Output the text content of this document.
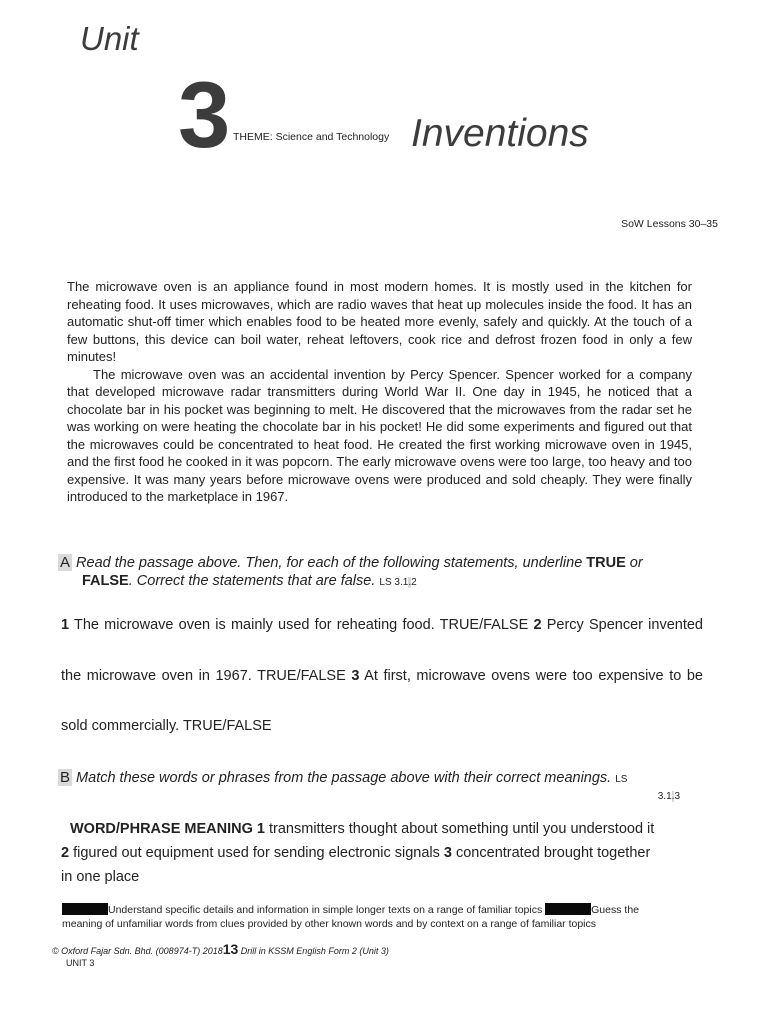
Unit
3 THEME: Science and Technology Inventions
SoW Lessons 30–35

The microwave oven is an appliance found in most modern homes. It is mostly used in the kitchen for reheating food. It uses microwaves, which are radio waves that heat up molecules inside the food. It has an automatic shut-off timer which enables food to be heated more evenly, safely and quickly. At the touch of a few buttons, this device can boil water, reheat leftovers, cook rice and defrost frozen food in only a few minutes!

The microwave oven was an accidental invention by Percy Spencer. Spencer worked for a company that developed microwave radar transmitters during World War II. One day in 1945, he noticed that a chocolate bar in his pocket was beginning to melt. He discovered that the microwaves from the radar set he was working on were heating the chocolate bar in his pocket! He did some experiments and figured out that the microwaves could be concentrated to heat food. He created the first working microwave oven in 1945, and the first food he cooked in it was popcorn. The early microwave ovens were too large, too heavy and too expensive. It was many years before microwave ovens were produced and sold cheaply. They were finally introduced to the marketplace in 1967.

A Read the passage above. Then, for each of the following statements, underline TRUE or
FALSE. Correct the statements that are false. LS 3.1.2
1 The microwave oven is mainly used for reheating food. TRUE/FALSE 2 Percy Spencer invented the microwave oven in 1967. TRUE/FALSE 3 At first, microwave ovens were too expensive to be sold commercially. TRUE/FALSE
B Match these words or phrases from the passage above with their correct meanings. LS
3.1.3
WORD/PHRASE MEANING 1 transmitters thought about something until you understood it 2 figured out equipment used for sending electronic signals 3 concentrated brought together in one place
Understand specific details and information in simple longer texts on a range of familiar topics	Guess the meaning of unfamiliar words from clues provided by other known words and by context on a range of familiar topics
© Oxford Fajar Sdn. Bhd. (008974-T) 201813 Drill in KSSM English Form 2 (Unit 3)
UNIT 3
